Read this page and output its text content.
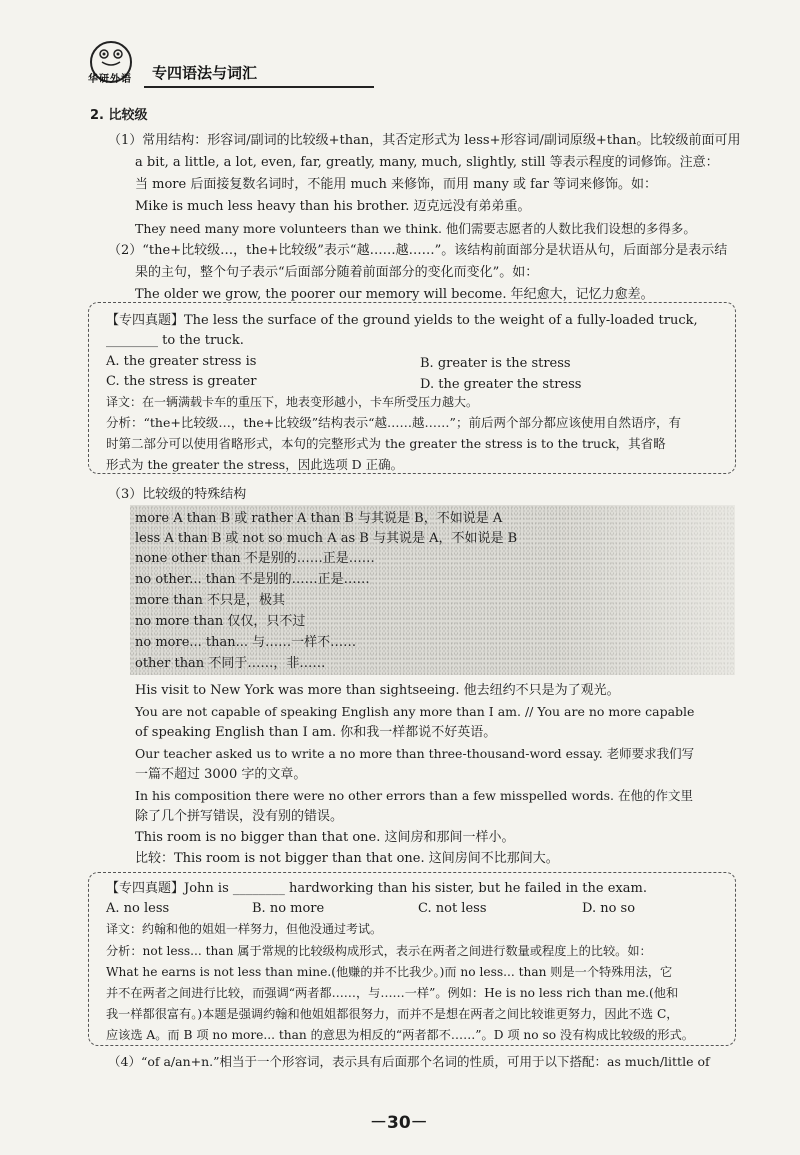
华研外语 专四语法与词汇
2. 比较级
（1）常用结构：形容词/副词的比较级+than，其否定形式为 less+形容词/副词原级+than。比较级前面可用
a bit, a little, a lot, even, far, greatly, many, much, slightly, still 等表示程度的词修饰。注意：
当 more 后面接复数名词时，不能用 much 来修饰，而用 many 或 far 等词来修饰。如：
Mike is much less heavy than his brother. 迈克远没有弟弟重。
They need many more volunteers than we think. 他们需要志愿者的人数比我们设想的多得多。
（2）“the+比较级…，the+比较级”表示“越……越……”。该结构前面部分是状语从句，后面部分是表示结
果的主句，整个句子表示“后面部分随着前面部分的变化而变化”。如：
The older we grow, the poorer our memory will become. 年纪愈大，记忆力愈差。
【专四真题】The less the surface of the ground yields to the weight of a fully-loaded truck,
________ to the truck.
A. the greater stress is	B. greater is the stress
C. the stress is greater	D. the greater the stress
译文：在一辆满载卡车的重压下，地表变形越小，卡车所受压力越大。
分析：“the+比较级…，the+比较级”结构表示“越……越……”；前后两个部分都应该使用自然语序，有
时第二部分可以使用省略形式，本句的完整形式为 the greater the stress is to the truck，其省略
形式为 the greater the stress，因此选项 D 正确。
（3）比较级的特殊结构
more A than B 或 rather A than B 与其说是 B，不如说是 A
less A than B 或 not so much A as B 与其说是 A，不如说是 B
none other than 不是别的……正是……
no other... than 不是别的……正是……
more than 不只是，极其
no more than 仅仅，只不过
no more... than... 与……一样不……
other than 不同于……，非……
His visit to New York was more than sightseeing. 他去纽约不只是为了观光。
You are not capable of speaking English any more than I am. // You are no more capable
of speaking English than I am. 你和我一样都说不好英语。
Our teacher asked us to write a no more than three-thousand-word essay. 老师要求我们写
一篇不超过 3000 字的文章。
In his composition there were no other errors than a few misspelled words. 在他的作文里
除了几个拼写错误，没有别的错误。
This room is no bigger than that one. 这间房和那间一样小。
比较：This room is not bigger than that one. 这间房间不比那间大。
【专四真题】John is ________ hardworking than his sister, but he failed in the exam.
A. no less	B. no more	C. not less	D. no so
译文：约翰和他的姐姐一样努力，但他没通过考试。
分析：not less... than 属于常规的比较级构成形式，表示在两者之间进行数量或程度上的比较。如：
What he earns is not less than mine.(他赚的并不比我少。)而 no less... than 则是一个特殊用法，它
并不在两者之间进行比较，而强调“两者都……，与……一样”。例如：He is no less rich than me.(他和
我一样都很富有。)本题是强调约翰和他姐姐都很努力，而并不是想在两者之间比较谁更努力，因此不选 C，
应该选 A。而 B 项 no more... than 的意思为相反的“两者都不……”。D 项 no so 没有构成比较级的形式。
（4）“of a/an+n.”相当于一个形容词，表示具有后面那个名词的性质，可用于以下搭配：as much/little of
－30－
